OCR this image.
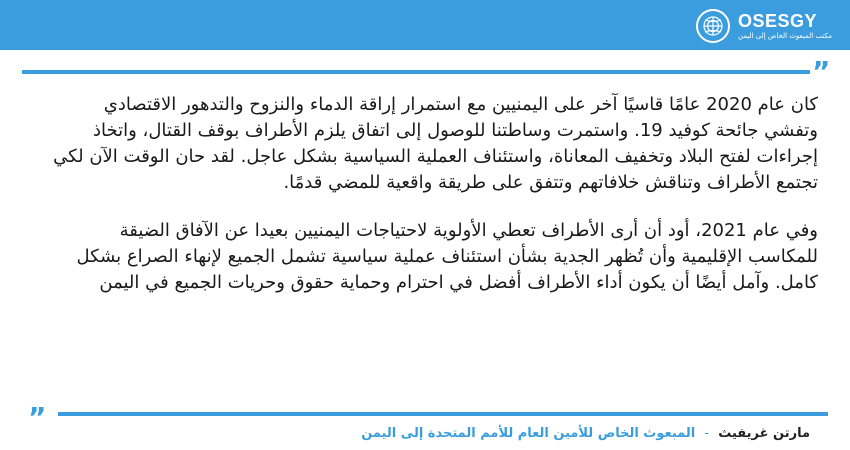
OSESGY
مكتب المبعوث الخاص إلى اليمن
”

كان عام 2020 عامًا قاسيًا آخر على اليمنيين مع استمرار إراقة الدماء والنزوح والتدهور الاقتصادي وتفشي جائحة كوفيد 19. واستمرت وساطتنا للوصول إلى اتفاق يلزم الأطراف بوقف القتال، واتخاذ إجراءات لفتح البلاد وتخفيف المعاناة، واستئناف العملية السياسية بشكل عاجل. لقد حان الوقت الآن لكي تجتمع الأطراف وتناقش خلافاتهم وتتفق على طريقة واقعية للمضي قدمًا.

وفي عام 2021، أود أن أرى الأطراف تعطي الأولوية لاحتياجات اليمنيين بعيدا عن الآفاق الضيقة للمكاسب الإقليمية وأن تُظهر الجدية بشأن استئناف عملية سياسية تشمل الجميع لإنهاء الصراع بشكل كامل. وآمل أيضًا أن يكون أداء الأطراف أفضل في احترام وحماية حقوق وحريات الجميع في اليمن

”	مارتن غريفيث - المبعوث الخاص للأمين العام للأمم المتحدة إلى اليمن
